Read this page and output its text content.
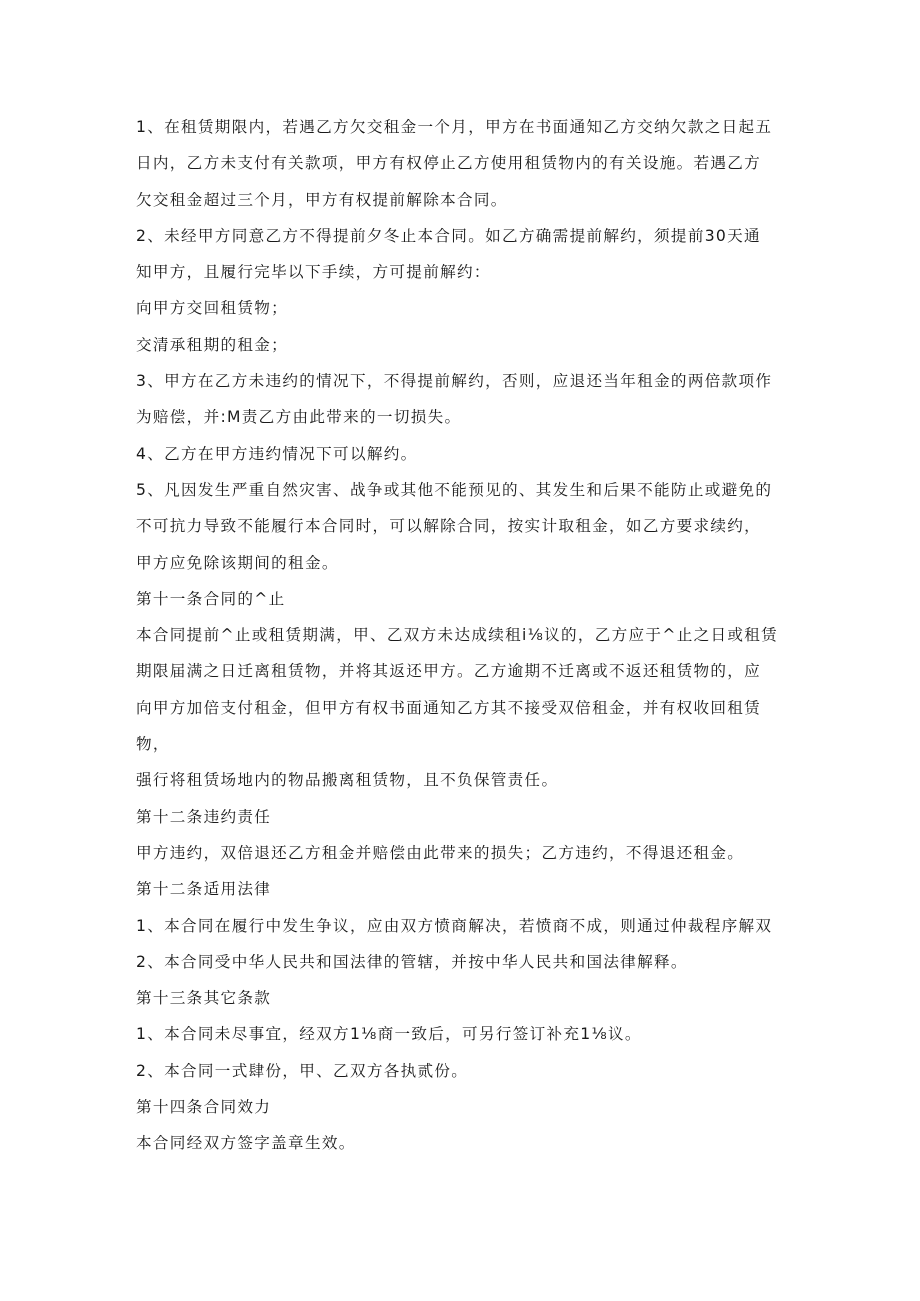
1、在租赁期限内，若遇乙方欠交租金一个月，甲方在书面通知乙方交纳欠款之日起五
日内，乙方未支付有关款项，甲方有权停止乙方使用租赁物内的有关设施。若遇乙方
欠交租金超过三个月，甲方有权提前解除本合同。
2、未经甲方同意乙方不得提前夕冬止本合同。如乙方确需提前解约，须提前30天通
知甲方，且履行完毕以下手续，方可提前解约：
向甲方交回租赁物；
交清承租期的租金；
3、甲方在乙方未违约的情况下，不得提前解约，否则，应退还当年租金的两倍款项作
为赔偿，并:M责乙方由此带来的一切损失。
4、乙方在甲方违约情况下可以解约。
5、凡因发生严重自然灾害、战争或其他不能预见的、其发生和后果不能防止或避免的
不可抗力导致不能履行本合同时，可以解除合同，按实计取租金，如乙方要求续约，
甲方应免除该期间的租金。
第十一条合同的^止
本合同提前^止或租赁期满，甲、乙双方未达成续租i⅛议的，乙方应于^止之日或租赁
期限届满之日迁离租赁物，并将其返还甲方。乙方逾期不迁离或不返还租赁物的，应
向甲方加倍支付租金，但甲方有权书面通知乙方其不接受双倍租金，并有权收回租赁
物，
强行将租赁场地内的物品搬离租赁物，且不负保管责任。
第十二条违约责任
甲方违约，双倍退还乙方租金并赔偿由此带来的损失；乙方违约，不得退还租金。
第十二条适用法律
1、本合同在履行中发生争议，应由双方愤商解决，若愤商不成，则通过仲裁程序解双
2、本合同受中华人民共和国法律的管辖，并按中华人民共和国法律解释。
第十三条其它条款
1、本合同未尽事宜，经双方1⅛商一致后，可另行签订补充1⅛议。
2、本合同一式肆份，甲、乙双方各执贰份。
第十四条合同效力
本合同经双方签字盖章生效。
